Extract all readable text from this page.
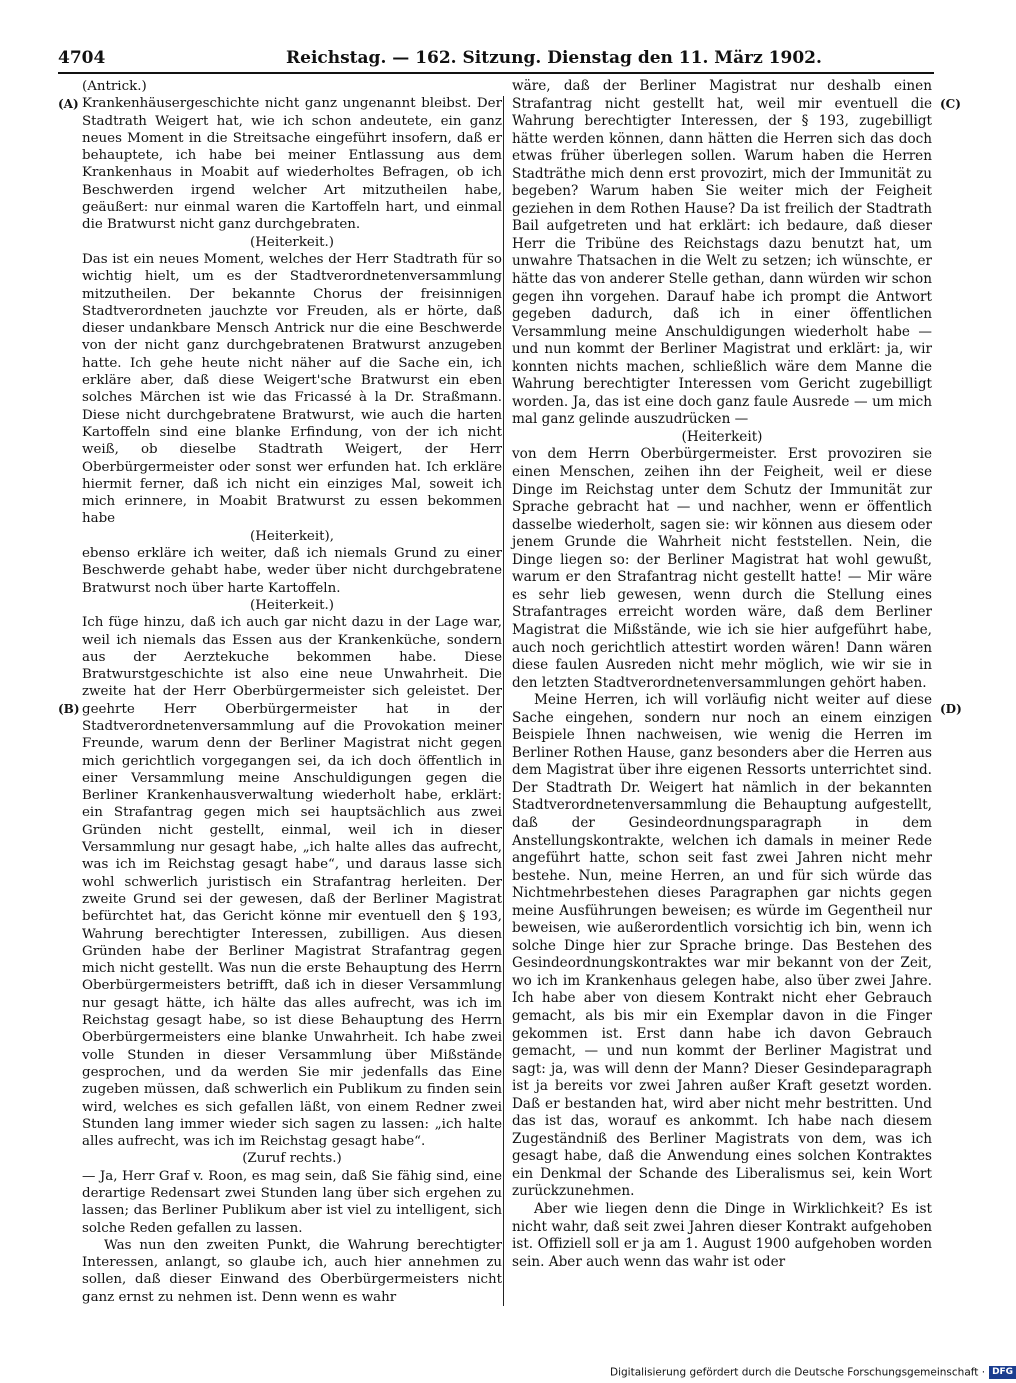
4704	Reichstag. — 162. Sitzung. Dienstag den 11. März 1902.
(A)
(B)
(C)
(D)

(Antrick.)

Krankenhäusergeschichte nicht ganz ungenannt bleibst. Der Stadtrath Weigert hat, wie ich schon andeutete, ein ganz neues Moment in die Streitsache eingeführt insofern, daß er behauptete, ich habe bei meiner Entlassung aus dem Krankenhaus in Moabit auf wiederholtes Befragen, ob ich Beschwerden irgend welcher Art mitzutheilen habe, geäußert: nur einmal waren die Kartoffeln hart, und einmal die Bratwurst nicht ganz durchgebraten.

(Heiterkeit.)

Das ist ein neues Moment, welches der Herr Stadtrath für so wichtig hielt, um es der Stadtverordnetenversammlung mitzutheilen. Der bekannte Chorus der freisinnigen Stadtverordneten jauchzte vor Freuden, als er hörte, daß dieser undankbare Mensch Antrick nur die eine Beschwerde von der nicht ganz durchgebratenen Bratwurst anzugeben hatte. Ich gehe heute nicht näher auf die Sache ein, ich erkläre aber, daß diese Weigert'sche Bratwurst ein eben solches Märchen ist wie das Fricassé à la Dr. Straßmann. Diese nicht durchgebratene Bratwurst, wie auch die harten Kartoffeln sind eine blanke Erfindung, von der ich nicht weiß, ob dieselbe Stadtrath Weigert, der Herr Oberbürgermeister oder sonst wer erfunden hat. Ich erkläre hiermit ferner, daß ich nicht ein einziges Mal, soweit ich mich erinnere, in Moabit Bratwurst zu essen bekommen habe

(Heiterkeit),

ebenso erkläre ich weiter, daß ich niemals Grund zu einer Beschwerde gehabt habe, weder über nicht durchgebratene Bratwurst noch über harte Kartoffeln.

(Heiterkeit.)

Ich füge hinzu, daß ich auch gar nicht dazu in der Lage war, weil ich niemals das Essen aus der Krankenküche, sondern aus der Aerztekuche bekommen habe. Diese Bratwurstgeschichte ist also eine neue Unwahrheit. Die zweite hat der Herr Oberbürgermeister sich geleistet. Der geehrte Herr Oberbürgermeister hat in der Stadtverordnetenversammlung auf die Provokation meiner Freunde, warum denn der Berliner Magistrat nicht gegen mich gerichtlich vorgegangen sei, da ich doch öffentlich in einer Versammlung meine Anschuldigungen gegen die Berliner Krankenhausverwaltung wiederholt habe, erklärt: ein Strafantrag gegen mich sei hauptsächlich aus zwei Gründen nicht gestellt, einmal, weil ich in dieser Versammlung nur gesagt habe, „ich halte alles das aufrecht, was ich im Reichstag gesagt habe“, und daraus lasse sich wohl schwerlich juristisch ein Strafantrag herleiten. Der zweite Grund sei der gewesen, daß der Berliner Magistrat befürchtet hat, das Gericht könne mir eventuell den § 193, Wahrung berechtigter Interessen, zubilligen. Aus diesen Gründen habe der Berliner Magistrat Strafantrag gegen mich nicht gestellt. Was nun die erste Behauptung des Herrn Oberbürgermeisters betrifft, daß ich in dieser Versammlung nur gesagt hätte, ich hälte das alles aufrecht, was ich im Reichstag gesagt habe, so ist diese Behauptung des Herrn Oberbürgermeisters eine blanke Unwahrheit. Ich habe zwei volle Stunden in dieser Versammlung über Mißstände gesprochen, und da werden Sie mir jedenfalls das Eine zugeben müssen, daß schwerlich ein Publikum zu finden sein wird, welches es sich gefallen läßt, von einem Redner zwei Stunden lang immer wieder sich sagen zu lassen: „ich halte alles aufrecht, was ich im Reichstag gesagt habe“.

(Zuruf rechts.)

— Ja, Herr Graf v. Roon, es mag sein, daß Sie fähig sind, eine derartige Redensart zwei Stunden lang über sich ergehen zu lassen; das Berliner Publikum aber ist viel zu intelligent, sich solche Reden gefallen zu lassen.

Was nun den zweiten Punkt, die Wahrung berechtigter Interessen, anlangt, so glaube ich, auch hier annehmen zu sollen, daß dieser Einwand des Oberbürgermeisters nicht ganz ernst zu nehmen ist. Denn wenn es wahr

wäre, daß der Berliner Magistrat nur deshalb einen Strafantrag nicht gestellt hat, weil mir eventuell die Wahrung berechtigter Interessen, der § 193, zugebilligt hätte werden können, dann hätten die Herren sich das doch etwas früher überlegen sollen. Warum haben die Herren Stadträthe mich denn erst provozirt, mich der Immunität zu begeben? Warum haben Sie weiter mich der Feigheit geziehen in dem Rothen Hause? Da ist freilich der Stadtrath Bail aufgetreten und hat erklärt: ich bedaure, daß dieser Herr die Tribüne des Reichstags dazu benutzt hat, um unwahre Thatsachen in die Welt zu setzen; ich wünschte, er hätte das von anderer Stelle gethan, dann würden wir schon gegen ihn vorgehen. Darauf habe ich prompt die Antwort gegeben dadurch, daß ich in einer öffentlichen Versammlung meine Anschuldigungen wiederholt habe — und nun kommt der Berliner Magistrat und erklärt: ja, wir konnten nichts machen, schließlich wäre dem Manne die Wahrung berechtigter Interessen vom Gericht zugebilligt worden. Ja, das ist eine doch ganz faule Ausrede — um mich mal ganz gelinde auszudrücken —

(Heiterkeit)

von dem Herrn Oberbürgermeister. Erst provoziren sie einen Menschen, zeihen ihn der Feigheit, weil er diese Dinge im Reichstag unter dem Schutz der Immunität zur Sprache gebracht hat — und nachher, wenn er öffentlich dasselbe wiederholt, sagen sie: wir können aus diesem oder jenem Grunde die Wahrheit nicht feststellen. Nein, die Dinge liegen so: der Berliner Magistrat hat wohl gewußt, warum er den Strafantrag nicht gestellt hatte! — Mir wäre es sehr lieb gewesen, wenn durch die Stellung eines Strafantrages erreicht worden wäre, daß dem Berliner Magistrat die Mißstände, wie ich sie hier aufgeführt habe, auch noch gerichtlich attestirt worden wären! Dann wären diese faulen Ausreden nicht mehr möglich, wie wir sie in den letzten Stadtverordnetenversammlungen gehört haben.

Meine Herren, ich will vorläufig nicht weiter auf diese Sache eingehen, sondern nur noch an einem einzigen Beispiele Ihnen nachweisen, wie wenig die Herren im Berliner Rothen Hause, ganz besonders aber die Herren aus dem Magistrat über ihre eigenen Ressorts unterrichtet sind. Der Stadtrath Dr. Weigert hat nämlich in der bekannten Stadtverordnetenversammlung die Behauptung aufgestellt, daß der Gesindeordnungsparagraph in dem Anstellungskontrakte, welchen ich damals in meiner Rede angeführt hatte, schon seit fast zwei Jahren nicht mehr bestehe. Nun, meine Herren, an und für sich würde das Nichtmehrbestehen dieses Paragraphen gar nichts gegen meine Ausführungen beweisen; es würde im Gegentheil nur beweisen, wie außerordentlich vorsichtig ich bin, wenn ich solche Dinge hier zur Sprache bringe. Das Bestehen des Gesindeordnungskontraktes war mir bekannt von der Zeit, wo ich im Krankenhaus gelegen habe, also über zwei Jahre. Ich habe aber von diesem Kontrakt nicht eher Gebrauch gemacht, als bis mir ein Exemplar davon in die Finger gekommen ist. Erst dann habe ich davon Gebrauch gemacht, — und nun kommt der Berliner Magistrat und sagt: ja, was will denn der Mann? Dieser Gesindeparagraph ist ja bereits vor zwei Jahren außer Kraft gesetzt worden. Daß er bestanden hat, wird aber nicht mehr bestritten. Und das ist das, worauf es ankommt. Ich habe nach diesem Zugeständniß des Berliner Magistrats von dem, was ich gesagt habe, daß die Anwendung eines solchen Kontraktes ein Denkmal der Schande des Liberalismus sei, kein Wort zurückzunehmen.

Aber wie liegen denn die Dinge in Wirklichkeit? Es ist nicht wahr, daß seit zwei Jahren dieser Kontrakt aufgehoben ist. Offiziell soll er ja am 1. August 1900 aufgehoben worden sein. Aber auch wenn das wahr ist oder

Digitalisierung gefördert durch die Deutsche Forschungsgemeinschaft · DFG
